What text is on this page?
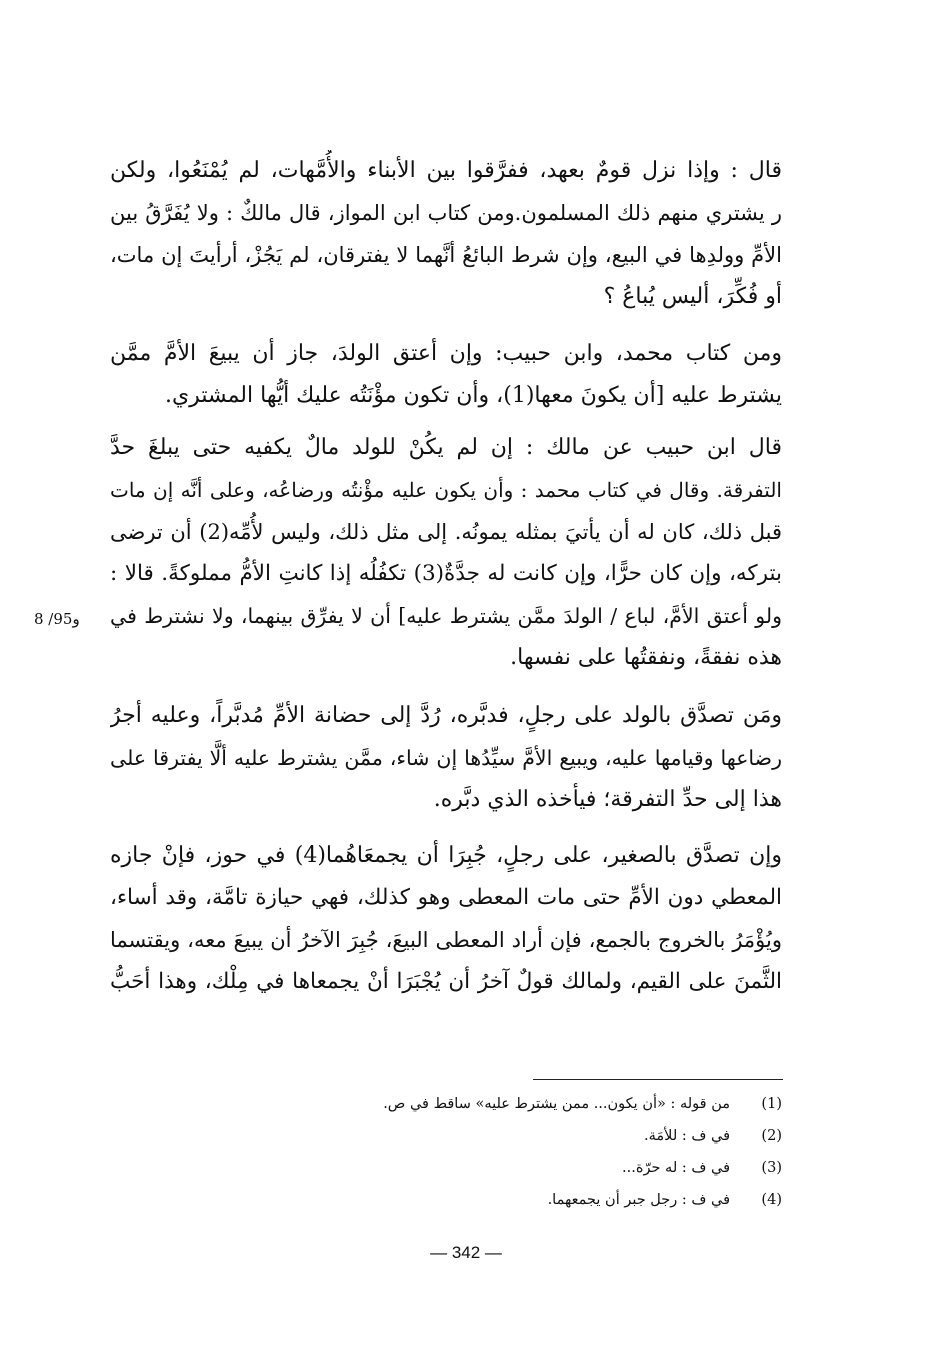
قال : وإذا نزل قومٌ بعهد، ففرَّقوا بين الأبناء والأُمَّهات، لم يُمْنَعُوا، ولكن
ر يشتري منهم ذلك المسلمون.ومن كتاب ابن المواز، قال مالكٌ : ولا يُفَرَّقُ بين
الأمِّ وولدِها في البيع، وإن شرط البائعُ أنَّهما لا يفترقان، لم يَجُزْ، أرأيتَ إن مات،
أو فُكِّرَ، أليس يُباعُ ؟
ومن كتاب محمد، وابن حبيب: وإن أعتق الولدَ، جاز أن يبيعَ الأمَّ ممَّن
يشترط عليه [أن يكونَ معها(1)، وأن تكون مؤْنَتُه عليك أيُّها المشتري.
قال ابن حبيب عن مالك : إن لم يكُنْ للولد مالٌ يكفيه حتى يبلغَ حدَّ
التفرقة. وقال في كتاب محمد : وأن يكون عليه مؤْنتُه ورضاعُه، وعلى أنَّه إن مات
قبل ذلك، كان له أن يأتيَ بمثله يمونُه. إلى مثل ذلك، وليس لأُمِّه(2) أن ترضى
بتركه، وإن كان حرًّا، وإن كانت له جدَّةٌ(3) تكفُلُه إذا كانتِ الأمُّ مملوكةً. قالا :
ولو أعتق الأمَّ، لباع / الولدَ ممَّن يشترط عليه] أن لا يفرِّق بينهما، ولا نشترط في
هذه نفقةً، ونفقتُها على نفسها.
8 /95و
ومَن تصدَّق بالولد على رجلٍ، فدبَّره، رُدَّ إلى حضانة الأمِّ مُدبَّراً، وعليه أجرُ
رضاعها وقيامها عليه، ويبيع الأمَّ سيِّدُها إن شاء، ممَّن يشترط عليه ألَّا يفترقا على
هذا إلى حدِّ التفرقة؛ فيأخذه الذي دبَّره.
وإن تصدَّق بالصغير، على رجلٍ، جُبِرَا أن يجمعَاهُما(4) في حوز، فإنْ جازه
المعطي دون الأمِّ حتى مات المعطى وهو كذلك، فهي حيازة تامَّة، وقد أساء،
ويُؤْمَرُ بالخروج بالجمع، فإن أراد المعطى البيعَ، جُبِرَ الآخرُ أن يبيعَ معه، ويقتسما
الثَّمنَ على القيم، ولمالك قولٌ آخرُ أن يُجْبَرَا أنْ يجمعاها في مِلْك، وهذا أحَبُّ
(1)
من قوله : «أن يكون... ممن يشترط عليه» ساقط في ص.
(2)
في ف : للأمَة.
(3)
في ف : له حرّة...
(4)
في ف : رجل جبر أن يجمعهما.
— 342 —
